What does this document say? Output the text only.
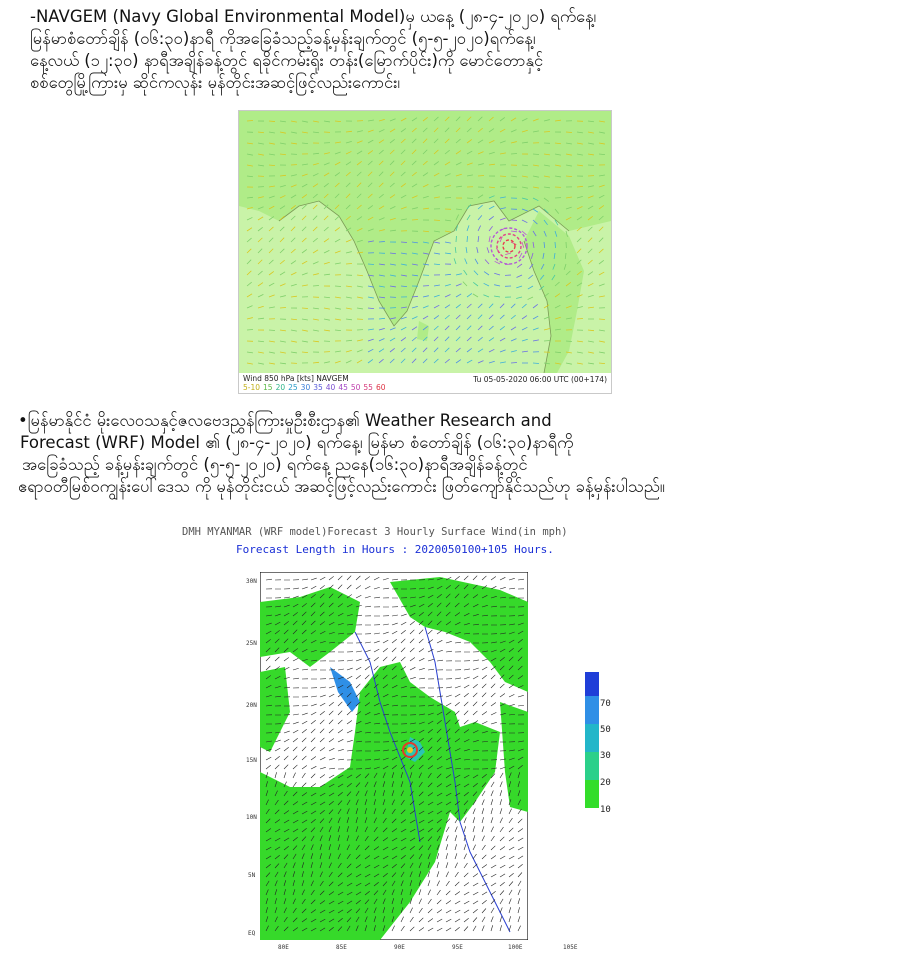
-NAVGEM (Navy Global Environmental Model)မှ ယနေ့ (၂၈-၄-၂၀၂၀) ရက်နေ့၊
မြန်မာစံတော်ချိန် (၀၆:၃၀)နာရီ ကိုအခြေခံသည့်ခန့်မှန်းချက်တွင် (၅-၅-၂၀၂၀)ရက်နေ့၊
နေ့လယ် (၁၂:၃၀) နာရီအချိန်ခန့်တွင် ရခိုင်ကမ်းရိုး တန်း(မြောက်ပိုင်း)ကို မောင်တောနှင့်
စစ်တွေမြို့ကြားမှ ဆိုင်ကလုန်း မုန်တိုင်းအဆင့်ဖြင့်လည်းကောင်း၊
Wind 850 hPa [kts] NAVGEM	Tu 05-05-2020 06:00 UTC (00+174)
5-10 15 20 25 30 35 40 45 50 55 60
•မြန်မာနိုင်ငံ မိုးလေဝသနှင့်ဇလဗေဒညွှန်ကြားမှုဦးစီးဌာန၏ Weather Research and
Forecast (WRF) Model ၏ (၂၈-၄-၂၀၂၀) ရက်နေ့၊ မြန်မာ စံတော်ချိန် (၀၆:၃၀)နာရီကို
အခြေခံသည့် ခန့်မှန်းချက်တွင် (၅-၅-၂၀၂၀) ရက်နေ့ ညနေ(၁၆:၃၀)နာရီအချိန်ခန့်တွင်
ဧရာဝတီမြစ်ဝကျွန်းပေါ်ဒေသ ကို မုန်တိုင်းငယ် အဆင့်ဖြင့်လည်းကောင်း ဖြတ်ကျော်နိုင်သည်ဟု ခန့်မှန်းပါသည်။
DMH MYANMAR (WRF model)Forecast 3 Hourly Surface Wind(in mph)
Forecast Length in Hours : 2020050100+105 Hours.
30N
25N
20N
15N
10N
5N
EQ
80E	85E	90E	95E	100E	105E
70
50
30
20
10
